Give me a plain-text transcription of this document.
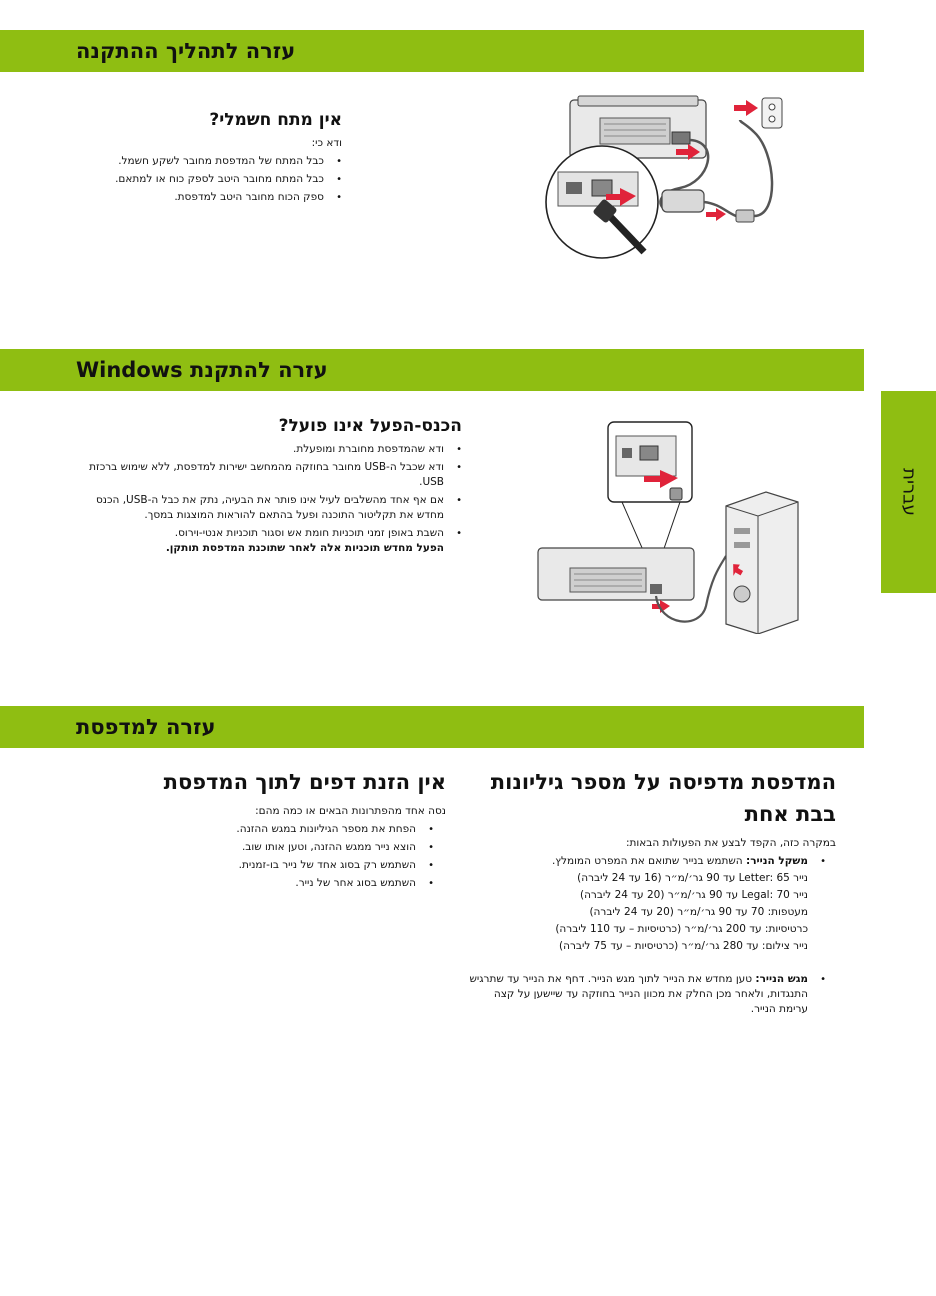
עזרה לתהליך ההתקנה
עזרה להתקנת Windows
עזרה למדפסת
עברית
אין מתח חשמלי?

ודא כי:

• כבל המתח של המדפסת מחובר לשקע חשמל.
• כבל המתח מחובר היטב לספק כוח או למתאם.
• ספק הכוח מחובר היטב למדפסת.
הכנס-הפעל אינו פועל?
• ודא שהמדפסת מחוברת ומופעלת.
• ודא שכבל ה-USB מחובר בחוזקה מהמחשב ישירות למדפסת, ללא שימוש ברכזת USB.
• אם אף אחד מהשלבים לעיל אינו פותר את הבעיה, נתק את כבל ה-USB, הכנס מחדש את תקליטור התוכנה ופעל בהתאם להוראות המוצגות במסך.
• השבת באופן זמני תוכניות חומת אש וסגור תוכניות אנטי-וירוס.
הפעל מחדש תוכניות אלה לאחר שתוכנת המדפסת תותקן.
המדפסת מדפיסה על מספר גיליונות
בבת אחת

במקרה כזה, הקפד לבצע את הפעולות הבאות:

• משקל הנייר: השתמש בנייר שתואם את המפרט המומלץ.
נייר Letter: 65 עד 90 גר׳/מ״ר (16 עד 24 ליברה)
נייר Legal: 70 עד 90 גר׳/מ״ר (20 עד 24 ליברה)
מעטפות: 70 עד 90 גר׳/מ״ר (20 עד 24 ליברה)
כרטיסיות: עד 200 גר׳/מ״ר (כרטיסיות – עד 110 ליברה)
נייר צילום: עד 280 גר׳/מ״ר (כרטיסיות – עד 75 ליברה)
• מגש הנייר: טען מחדש את הנייר לתוך מגש הנייר. דחף את הנייר עד שתרגיש התנגדות, ולאחר מכן החלק את מכוון הנייר בחוזקה עד שיישען על קצה ערימת הנייר.
אין הזנת דפים לתוך המדפסת

נסה אחד מהפתרונות הבאים או כמה מהם:

• הפחת את מספר הגיליונות במגש ההזנה.
• הוצא נייר ממגש ההזנה, וטען אותו שוב.
• השתמש רק בסוג אחד של נייר בו-זמנית.
• השתמש בסוג אחר של נייר.
